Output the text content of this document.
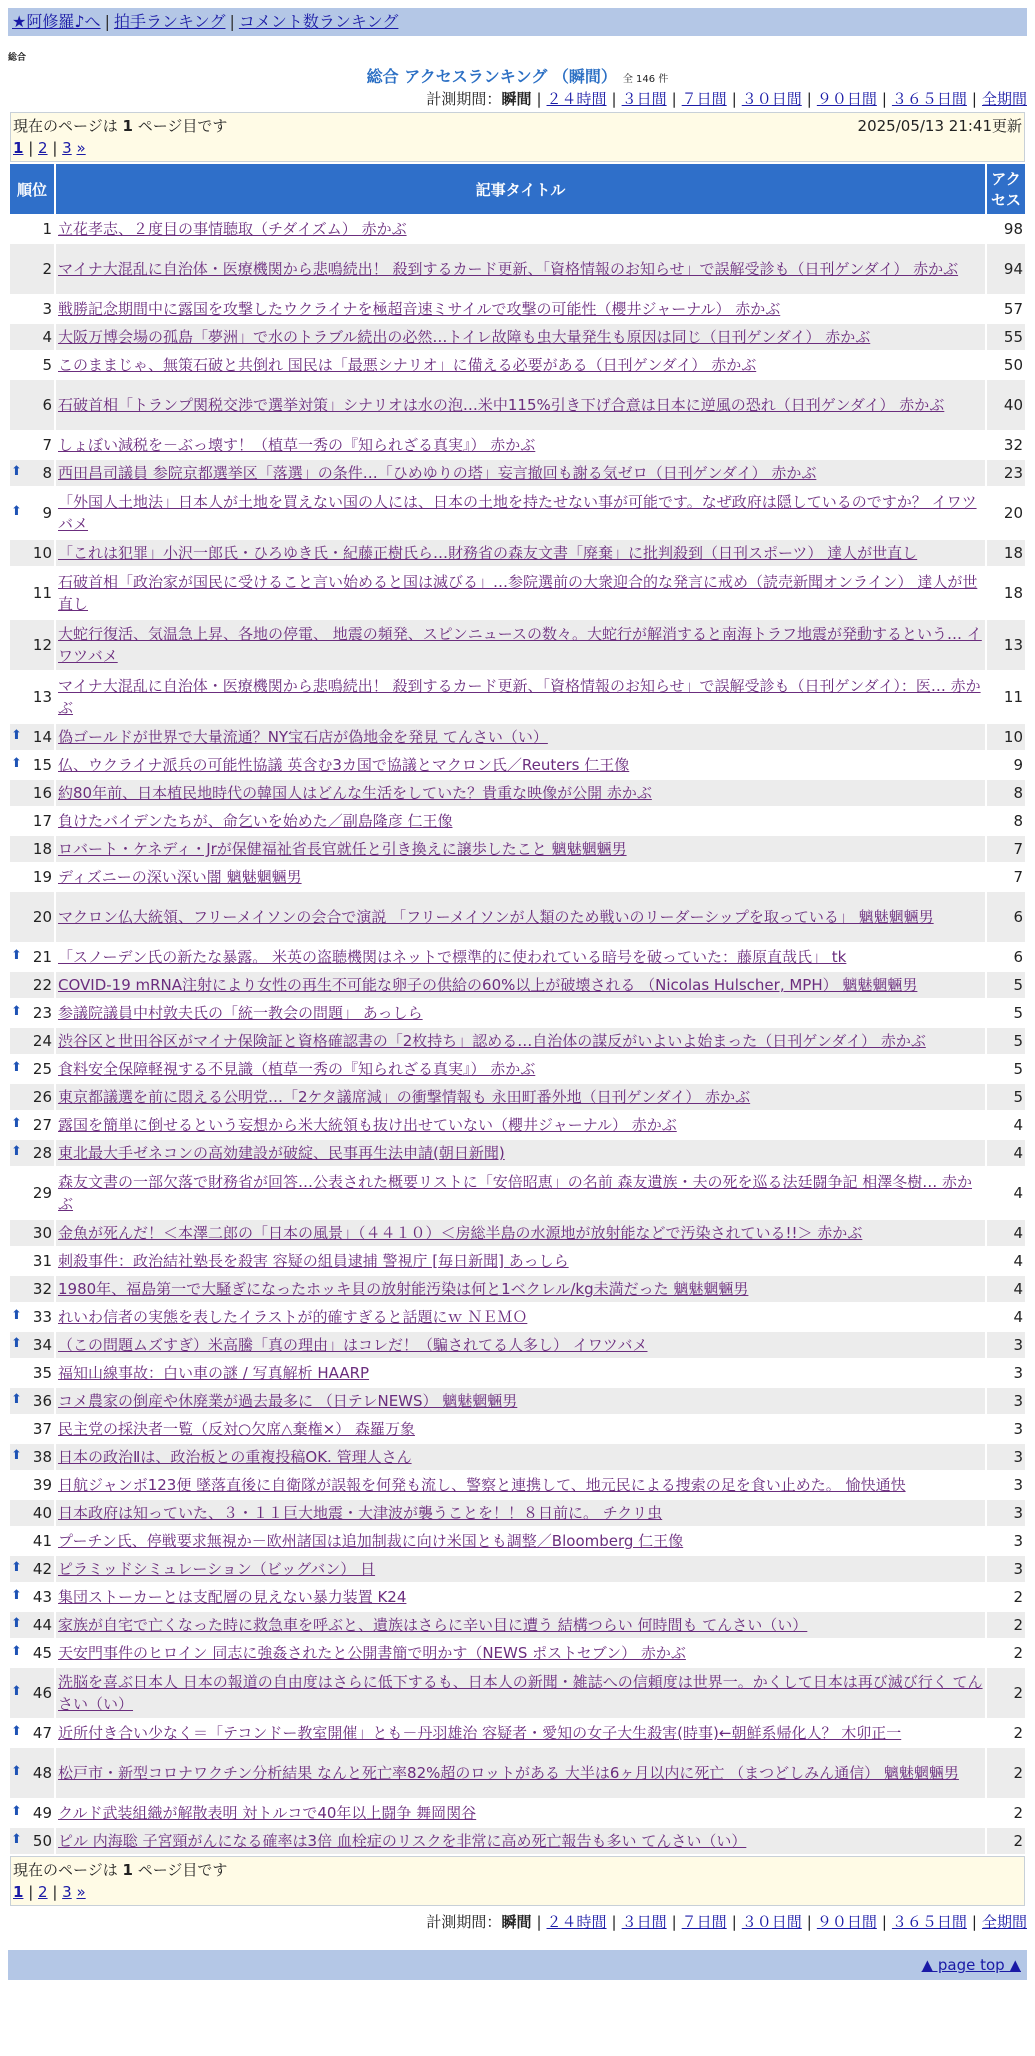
★阿修羅♪へ | 拍手ランキング | コメント数ランキング
総合
総合 アクセスランキング （瞬間） 全 146 件
計測期間：瞬間 | ２４時間 | ３日間 | ７日間 | ３０日間 | ９０日間 | ３６５日間 | 全期間
現在のページは 1 ページ目です 2025/05/13 21:41更新
1 | 2 | 3 »		

順位	記事タイトル	アクセス
1	立花孝志、２度目の事情聴取（チダイズム） 赤かぶ	98
2	マイナ大混乱に自治体・医療機関から悲鳴続出！ 殺到するカード更新、「資格情報のお知らせ」で誤解受診も（日刊ゲンダイ） 赤かぶ	94
3	戦勝記念期間中に露国を攻撃したウクライナを極超音速ミサイルで攻撃の可能性（櫻井ジャーナル） 赤かぶ	57
4	大阪万博会場の孤島「夢洲」で水のトラブル続出の必然…トイレ故障も虫大量発生も原因は同じ（日刊ゲンダイ） 赤かぶ	55
5	このままじゃ、無策石破と共倒れ 国民は「最悪シナリオ」に備える必要がある（日刊ゲンダイ） 赤かぶ	50
6	石破首相「トランプ関税交渉で選挙対策」シナリオは水の泡…米中115%引き下げ合意は日本に逆風の恐れ（日刊ゲンダイ） 赤かぶ	40
7	しょぼい減税を－ぶっ壊す！（植草一秀の『知られざる真実』） 赤かぶ	32

⬆ 8	西田昌司議員 参院京都選挙区「落選」の条件…「ひめゆりの塔」妄言撤回も謝る気ゼロ（日刊ゲンダイ） 赤かぶ	23

⬆ 9	「外国人土地法」日本人が土地を買えない国の人には、日本の土地を持たせない事が可能です。なぜ政府は隠しているのですか？ イワツバメ	20
10	「これは犯罪」小沢一郎氏・ひろゆき氏・紀藤正樹氏ら…財務省の森友文書「廃棄」に批判殺到（日刊スポーツ） 達人が世直し	18
11	石破首相「政治家が国民に受けること言い始めると国は滅びる」…参院選前の大衆迎合的な発言に戒め（読売新聞オンライン） 達人が世直し	18
12	大蛇行復活、気温急上昇、各地の停電、 地震の頻発、スピンニュースの数々。大蛇行が解消すると南海トラフ地震が発動するという… イワツバメ	13
13	マイナ大混乱に自治体・医療機関から悲鳴続出！ 殺到するカード更新、「資格情報のお知らせ」で誤解受診も（日刊ゲンダイ）：医… 赤かぶ	11

⬆ 14	偽ゴールドが世界で大量流通？NY宝石店が偽地金を発見 てんさい（い）	10

⬆ 15	仏、ウクライナ派兵の可能性協議 英含む3カ国で協議とマクロン氏／Reuters 仁王像	9
16	約80年前、日本植民地時代の韓国人はどんな生活をしていた？貴重な映像が公開 赤かぶ	8
17	負けたバイデンたちが、命乞いを始めた／副島隆彦 仁王像	8
18	ロバート・ケネディ・Jrが保健福祉省長官就任と引き換えに譲歩したこと 魑魅魍魎男	7
19	ディズニーの深い深い闇 魑魅魍魎男	7
20	マクロン仏大統領、フリーメイソンの会合で演説 「フリーメイソンが人類のため戦いのリーダーシップを取っている」 魑魅魍魎男	6

⬆ 21	「スノーデン氏の新たな暴露。 米英の盗聴機関はネットで標準的に使われている暗号を破っていた：藤原直哉氏」 tk	6
22	COVID-19 mRNA注射により女性の再生不可能な卵子の供給の60%以上が破壊される （Nicolas Hulscher, MPH） 魑魅魍魎男	5

⬆ 23	参議院議員中村敦夫氏の「統一教会の問題」 あっしら	5
24	渋谷区と世田谷区がマイナ保険証と資格確認書の「2枚持ち」認める…自治体の謀反がいよいよ始まった（日刊ゲンダイ） 赤かぶ	5

⬆ 25	食料安全保障軽視する不見識（植草一秀の『知られざる真実』） 赤かぶ	5
26	東京都議選を前に悶える公明党…「2ケタ議席減」の衝撃情報も 永田町番外地（日刊ゲンダイ） 赤かぶ	5

⬆ 27	露国を簡単に倒せるという妄想から米大統領も抜け出せていない（櫻井ジャーナル） 赤かぶ	4

⬆ 28	東北最大手ゼネコンの高効建設が破綻、民事再生法申請(朝日新聞)	4
29	森友文書の一部欠落で財務省が回答…公表された概要リストに「安倍昭恵」の名前 森友遺族・夫の死を巡る法廷闘争記 相澤冬樹… 赤かぶ	4
30	金魚が死んだ！＜本澤二郎の「日本の風景」（４４１０）＜房総半島の水源地が放射能などで汚染されている!!＞ 赤かぶ	4
31	刺殺事件：政治結社塾長を殺害 容疑の組員逮捕 警視庁 [毎日新聞] あっしら	4
32	1980年、福島第一で大騒ぎになったホッキ貝の放射能汚染は何と1ベクレル/kg未満だった 魑魅魍魎男	4

⬆ 33	れいわ信者の実態を表したイラストが的確すぎると話題にｗ ＮＥＭＯ	4

⬆ 34	（この問題ムズすぎ）米高騰「真の理由」はコレだ！（騙されてる人多し） イワツバメ	3
35	福知山線事故：白い車の謎 / 写真解析 HAARP	3

⬆ 36	コメ農家の倒産や休廃業が過去最多に （日テレNEWS） 魑魅魍魎男	3
37	民主党の採決者一覧（反対○欠席△棄権×） 森羅万象	3

⬆ 38	日本の政治Ⅱは、政治板との重複投稿OK. 管理人さん	3
39	日航ジャンボ123便 墜落直後に自衛隊が誤報を何発も流し、警察と連携して、地元民による捜索の足を食い止めた。 愉快通快	3
40	日本政府は知っていた、３・１１巨大地震・大津波が襲うことを！！８日前に。 チクリ虫	3
41	プーチン氏、停戦要求無視か－欧州諸国は追加制裁に向け米国とも調整／Bloomberg 仁王像	3

⬆ 42	ピラミッドシミュレーション（ビッグバン） 日	3

⬆ 43	集団ストーカーとは支配層の見えない暴力装置 K24	2

⬆ 44	家族が自宅で亡くなった時に救急車を呼ぶと、遺族はさらに辛い目に遭う 結構つらい 何時間も てんさい（い）	2

⬆ 45	天安門事件のヒロイン 同志に強姦されたと公開書簡で明かす（NEWS ポストセブン） 赤かぶ	2

⬆ 46	洗脳を喜ぶ日本人 日本の報道の自由度はさらに低下するも、日本人の新聞・雑誌への信頼度は世界一。かくして日本は再び滅び行く てんさい（い）	2

⬆ 47	近所付き合い少なく＝「テコンドー教室開催」とも－丹羽雄治 容疑者・愛知の女子大生殺害(時事)←朝鮮系帰化人？ 木卯正一	2

⬆ 48	松戸市・新型コロナワクチン分析結果 なんと死亡率82%超のロットがある 大半は6ヶ月以内に死亡 （まつどしみん通信） 魑魅魍魎男	2

⬆ 49	クルド武装組織が解散表明 対トルコで40年以上闘争 舞岡関谷	2

⬆ 50	ピル 内海聡 子宮頸がんになる確率は3倍 血栓症のリスクを非常に高め死亡報告も多い てんさい（い）	2

現在のページは 1 ページ目です
1 | 2 | 3 »		
計測期間：瞬間 | ２４時間 | ３日間 | ７日間 | ３０日間 | ９０日間 | ３６５日間 | 全期間
▲ page top ▲
